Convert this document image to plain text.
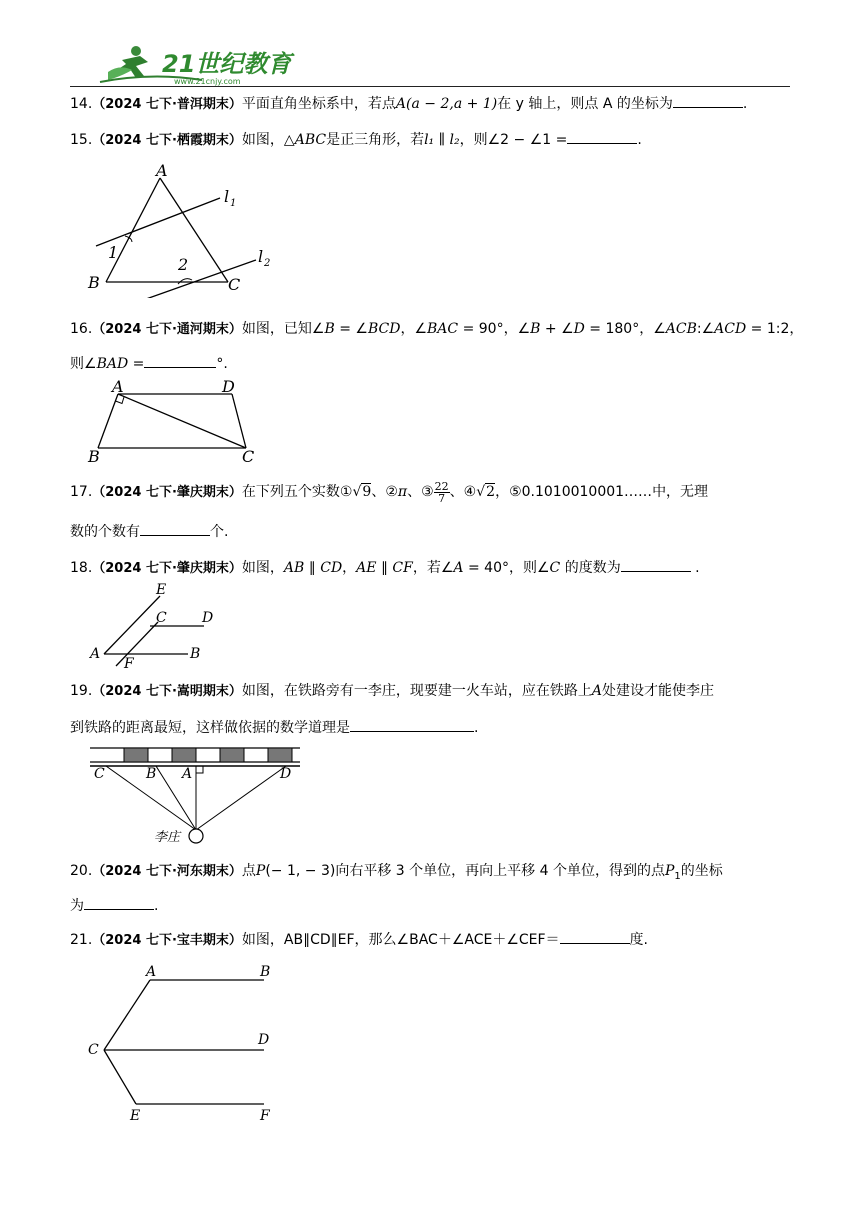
21世纪教育
www.21cnjy.com
14.（2024 七下·普洱期末）平面直角坐标系中，若点A(a − 2,a + 1)在 y 轴上，则点 A 的坐标为	.
15.（2024 七下·栖霞期末）如图，△ABC是正三角形，若l₁ ∥ l₂，则∠2 − ∠1 =	.
A
B	C
l 1
l 2
1
2
16.（2024 七下·通河期末）如图，已知∠B = ∠BCD，∠BAC = 90°，∠B + ∠D = 180°，∠ACB:∠ACD = 1:2，
则∠BAD =	°.
A	D
B	C
17.（2024 七下·肇庆期末）在下列五个实数①√9、②π、③ $\frac{22}{7}$ 、④√2，⑤0.1010010001……中，无理
数的个数有	个.
18.（2024 七下·肇庆期末）如图，AB ∥ CD，AE ∥ CF，若∠A = 40°，则∠C 的度数为	.
E
C	D
A	B
F
19.（2024 七下·嵩明期末）如图，在铁路旁有一李庄，现要建一火车站，应在铁路上A处建设才能使李庄
到铁路的距离最短，这样做依据的数学道理是	.
C	B A	D
李庄
20.（2024 七下·河东期末）点P(− 1, − 3)向右平移 3 个单位，再向上平移 4 个单位，得到的点$P_1$的坐标
为	.
21.（2024 七下·宝丰期末）如图，AB∥CD∥EF，那么∠BAC＋∠ACE＋∠CEF＝	度.
A	B
C
D
E	F
